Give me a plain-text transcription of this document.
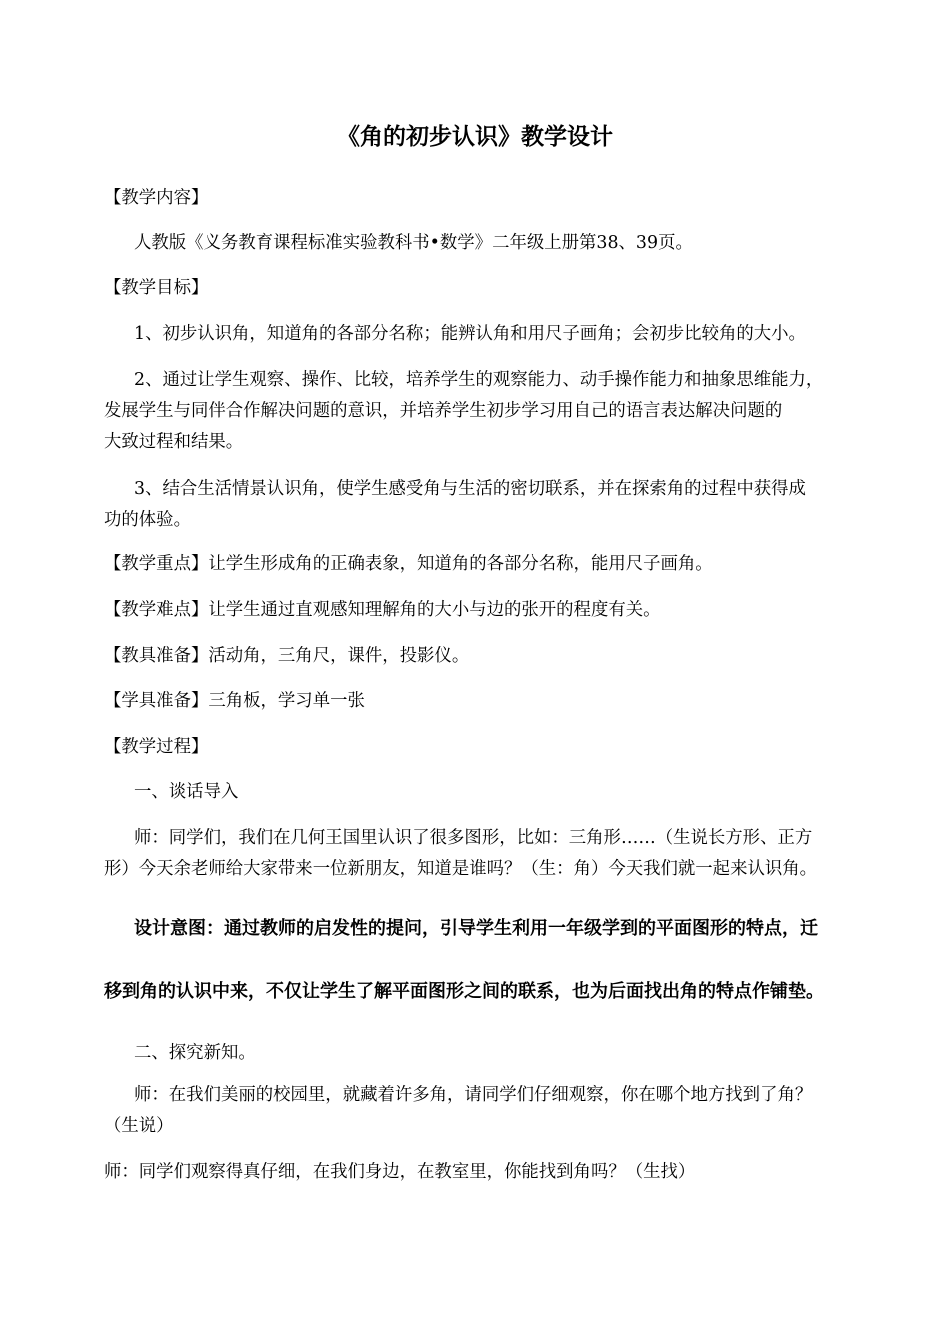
《角的初步认识》教学设计
【教学内容】
人教版《义务教育课程标准实验教科书•数学》二年级上册第38、39页。
【教学目标】
1、初步认识角，知道角的各部分名称；能辨认角和用尺子画角；会初步比较角的大小。
2、通过让学生观察、操作、比较，培养学生的观察能力、动手操作能力和抽象思维能力，
发展学生与同伴合作解决问题的意识，并培养学生初步学习用自己的语言表达解决问题的
大致过程和结果。
3、结合生活情景认识角，使学生感受角与生活的密切联系，并在探索角的过程中获得成
功的体验。
【教学重点】让学生形成角的正确表象，知道角的各部分名称，能用尺子画角。
【教学难点】让学生通过直观感知理解角的大小与边的张开的程度有关。
【教具准备】活动角，三角尺，课件，投影仪。
【学具准备】三角板，学习单一张
【教学过程】
一、谈话导入
师：同学们，我们在几何王国里认识了很多图形，比如：三角形……（生说长方形、正方
形）今天余老师给大家带来一位新朋友，知道是谁吗？（生：角）今天我们就一起来认识角。
设计意图：通过教师的启发性的提问，引导学生利用一年级学到的平面图形的特点，迁
移到角的认识中来，不仅让学生了解平面图形之间的联系，也为后面找出角的特点作铺垫。
二、探究新知。
师：在我们美丽的校园里，就藏着许多角，请同学们仔细观察，你在哪个地方找到了角？
（生说）
师：同学们观察得真仔细，在我们身边，在教室里，你能找到角吗？（生找）
